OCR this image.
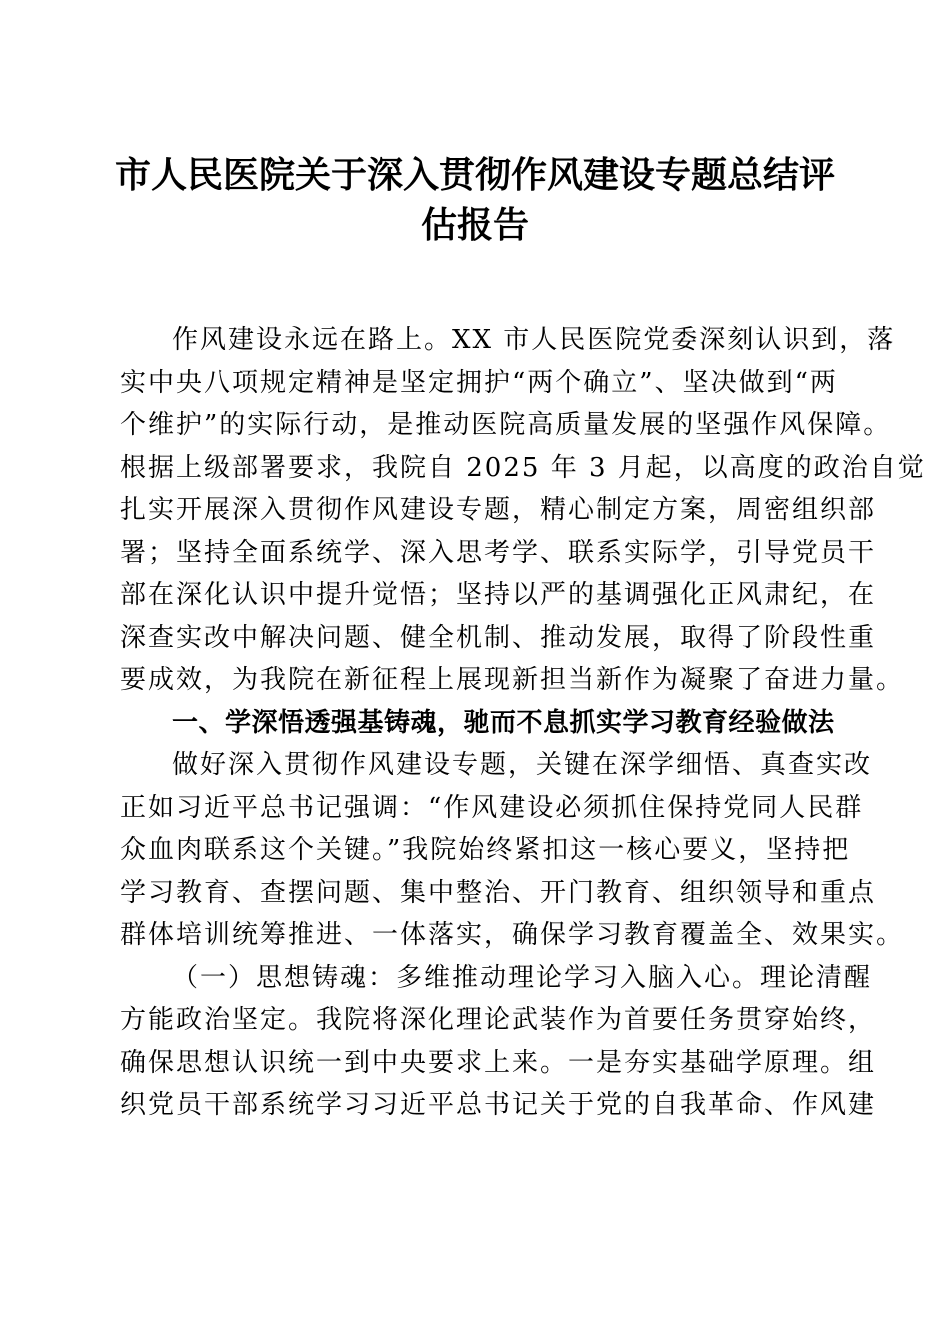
市人民医院关于深入贯彻作风建设专题总结评
估报告
作风建设永远在路上。XX 市人民医院党委深刻认识到，落
实中央八项规定精神是坚定拥护“两个确立”、坚决做到“两
个维护”的实际行动，是推动医院高质量发展的坚强作风保障。
根据上级部署要求，我院自 2025 年 3 月起，以高度的政治自觉
扎实开展深入贯彻作风建设专题，精心制定方案，周密组织部
署；坚持全面系统学、深入思考学、联系实际学，引导党员干
部在深化认识中提升觉悟；坚持以严的基调强化正风肃纪，在
深查实改中解决问题、健全机制、推动发展，取得了阶段性重
要成效，为我院在新征程上展现新担当新作为凝聚了奋进力量。
一、学深悟透强基铸魂，驰而不息抓实学习教育经验做法
做好深入贯彻作风建设专题，关键在深学细悟、真查实改
正如习近平总书记强调：“作风建设必须抓住保持党同人民群
众血肉联系这个关键。”我院始终紧扣这一核心要义，坚持把
学习教育、查摆问题、集中整治、开门教育、组织领导和重点
群体培训统筹推进、一体落实，确保学习教育覆盖全、效果实。
（一）思想铸魂：多维推动理论学习入脑入心。理论清醒
方能政治坚定。我院将深化理论武装作为首要任务贯穿始终，
确保思想认识统一到中央要求上来。一是夯实基础学原理。组
织党员干部系统学习习近平总书记关于党的自我革命、作风建
